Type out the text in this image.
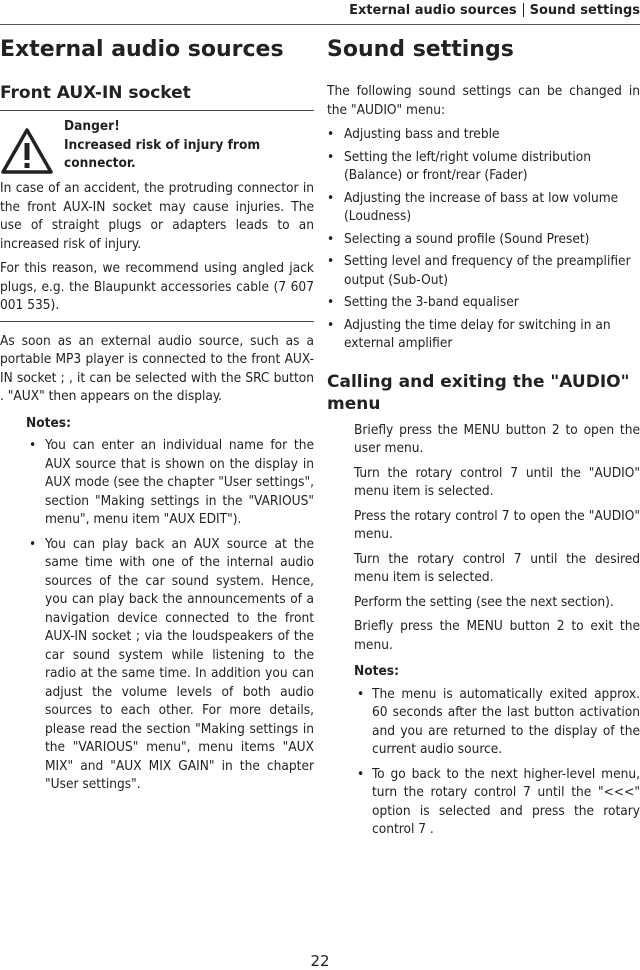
External audio sources Sound settings
External audio sources
Front AUX-IN socket
Danger!
Increased risk of injury from connector.

In case of an accident, the protruding connector in the front AUX-IN socket may cause injuries. The use of straight plugs or adapters leads to an increased risk of injury.

For this reason, we recommend using angled jack plugs, e.g. the Blaupunkt accessories cable (7 607 001 535).

As soon as an external audio source, such as a portable MP3 player is connected to the front AUX-IN socket ; , it can be selected with the SRC button . "AUX" then appears on the display.

Notes:
• You can enter an individual name for the AUX source that is shown on the display in AUX mode (see the chapter "User settings", section "Making settings in the "VARIOUS" menu", menu item "AUX EDIT").
• You can play back an AUX source at the same time with one of the internal audio sources of the car sound system. Hence, you can play back the announcements of a navigation device connected to the front AUX-IN socket ; via the loudspeakers of the car sound system while listening to the radio at the same time. In addition you can adjust the volume levels of both audio sources to each other. For more details, please read the section "Making settings in the "VARIOUS" menu", menu items "AUX MIX" and "AUX MIX GAIN" in the chapter "User settings".
Sound settings

The following sound settings can be changed in the "AUDIO" menu:

• Adjusting bass and treble
• Setting the left/right volume distribution (Balance) or front/rear (Fader)
• Adjusting the increase of bass at low volume (Loudness)
• Selecting a sound profile (Sound Preset)
• Setting level and frequency of the preamplifier output (Sub-Out)
• Setting the 3-band equaliser
• Adjusting the time delay for switching in an external amplifier
Calling and exiting the "AUDIO" menu

Briefly press the MENU button 2 to open the user menu.

Turn the rotary control 7 until the "AUDIO" menu item is selected.

Press the rotary control 7 to open the "AUDIO" menu.

Turn the rotary control 7 until the desired menu item is selected.

Perform the setting (see the next section).

Briefly press the MENU button 2 to exit the menu.

Notes:
• The menu is automatically exited approx. 60 seconds after the last button activation and you are returned to the display of the current audio source.
• To go back to the next higher-level menu, turn the rotary control 7 until the "<<<" option is selected and press the rotary control 7 .
22
